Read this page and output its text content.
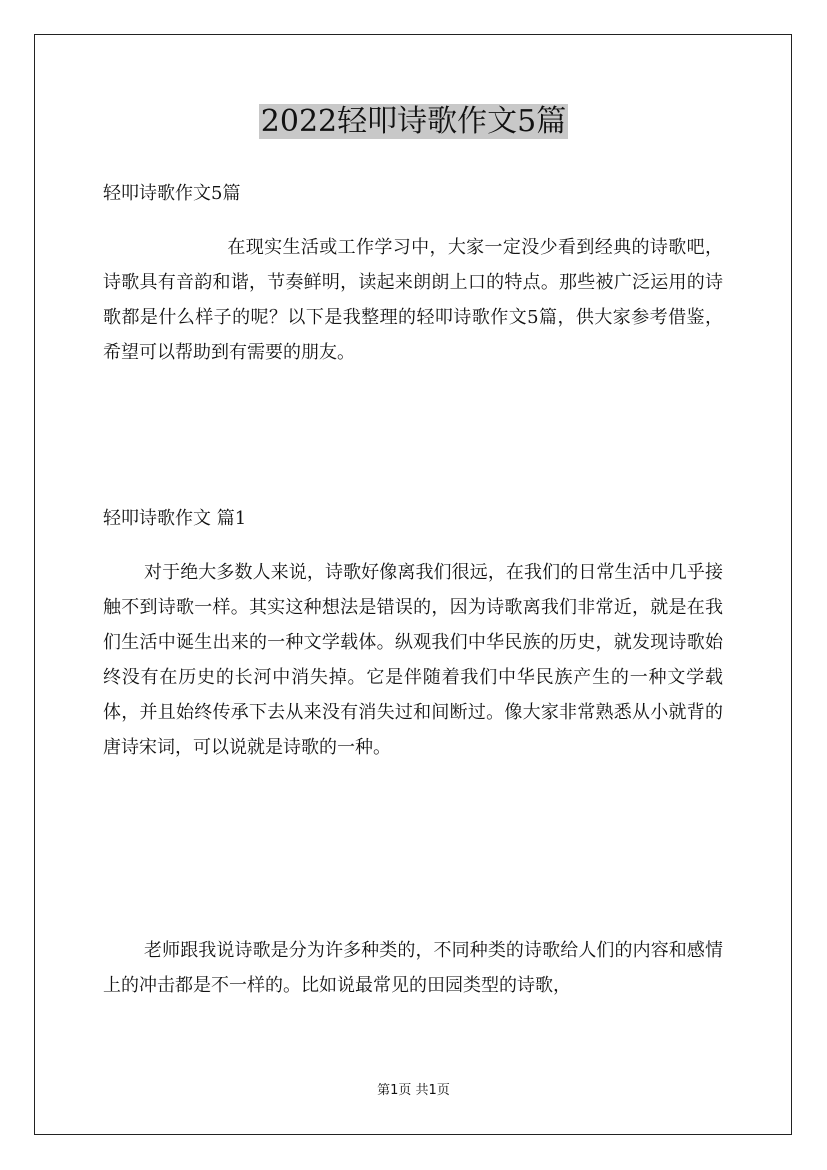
2022轻叩诗歌作文5篇
轻叩诗歌作文5篇
在现实生活或工作学习中，大家一定没少看到经典的诗歌吧，诗歌具有音韵和谐，节奏鲜明，读起来朗朗上口的特点。那些被广泛运用的诗歌都是什么样子的呢？以下是我整理的轻叩诗歌作文5篇，供大家参考借鉴，希望可以帮助到有需要的朋友。
轻叩诗歌作文 篇1
对于绝大多数人来说，诗歌好像离我们很远，在我们的日常生活中几乎接触不到诗歌一样。其实这种想法是错误的，因为诗歌离我们非常近，就是在我们生活中诞生出来的一种文学载体。纵观我们中华民族的历史，就发现诗歌始终没有在历史的长河中消失掉。它是伴随着我们中华民族产生的一种文学载体，并且始终传承下去从来没有消失过和间断过。像大家非常熟悉从小就背的唐诗宋词，可以说就是诗歌的一种。
老师跟我说诗歌是分为许多种类的，不同种类的诗歌给人们的内容和感情上的冲击都是不一样的。比如说最常见的田园类型的诗歌，
第1页 共1页
